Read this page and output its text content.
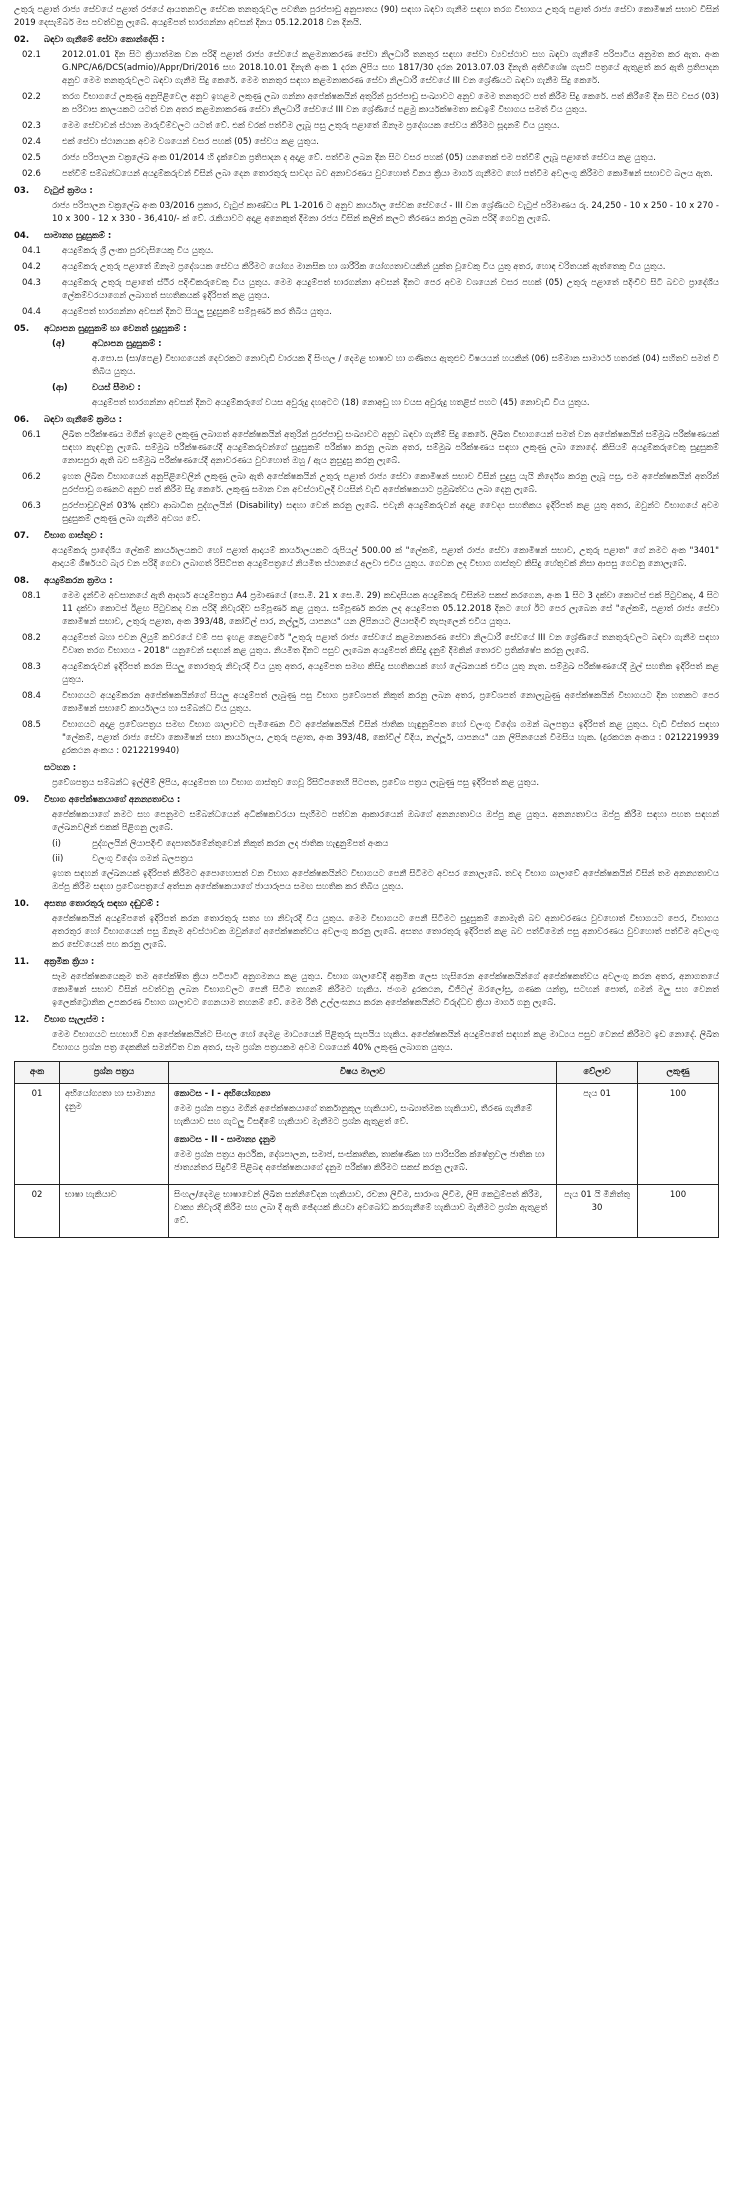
උතුරු පළාත් රාජ්‍ය සේවයේ පළාත් රජයේ ආයතනවල සේවක තනතුරුවල පවතින පුරප්පාඩු අනුපාතය (90) සඳහා බඳවා ගැනීම සඳහා තරග විභාගය උතුරු පළාත් රාජ්‍ය සේවා කොමිෂන් සභාව විසින් 2019 දෙසැම්බර් මස පවත්වනු ලැබේ. අයදුම්පත් භාරගන්නා අවසන් දිනය 05.12.2018 වන දිනයි.
02.	බඳවා ගැනීමේ සේවා කොන්දේසි :
02.1	2012.01.01 දින සිට ක්‍රියාත්මක වන පරිදි පළාත් රාජ්‍ය සේවයේ කළමනාකරණ සේවා නිලධාරී තනතුර සඳහා සේවා ව්‍යවස්ථාව සහ බඳවා ගැනීමේ පරිපාටිය අනුමත කර ඇත. අංක G.NPC/A6/DCS(admio)/Appr/Dri/2016 සහ 2018.10.01 දිනැති අංක 1 දරන ලිපිය සහ 1817/30 දරන 2013.07.03 දිනැති අතිවිශේෂ ගැසට් පත්‍රයේ ඇතුළත් කර ඇති ප්‍රතිපාදන අනුව මෙම තනතුරුවලට බඳවා ගැනීම සිදු කෙරේ. මෙම තනතුර සඳහා කළමනාකරණ සේවා නිලධාරී සේවයේ III වන ශ්‍රේණියට බඳවා ගැනීම සිදු කෙරේ.
02.2	තරග විභාගයේ ලකුණු අනුපිළිවෙල අනුව ඉහළම ලකුණු ලබා ගන්නා අපේක්ෂකයින් අතුරින් පුරප්පාඩු සංඛ්‍යාවට අනුව මෙම තනතුරට පත් කිරීම සිදු කෙරේ. පත් කිරීමේ දින සිට වසර (03) ක පරිවාස කාලයකට යටත් වන අතර කළමනාකරණ සේවා නිලධාරී සේවයේ III වන ශ්‍රේණියේ පළමු කාර්යක්ෂමතා කඩඉම් විභාගය සමත් විය යුතුය.
02.3	මෙම සේවාවන් ස්ථාන මාරුවීම්වලට යටත් වේ. එක් වරක් පත්වීම ලැබූ පසු උතුරු පළාතේ ඕනෑම ප්‍රදේශයක සේවය කිරීමට සූදානම් විය යුතුය.
02.4	එක් සේවා ස්ථානයක අවම වශයෙන් වසර පහක් (05) සේවය කළ යුතුය.
02.5	රාජ්‍ය පරිපාලන චක්‍රලේඛ අංක 01/2014 හි දැක්වෙන ප්‍රතිපාදන ද අදාළ වේ. පත්වීම ලබන දින සිට වසර පහක් (05) යනතෙක් එම පත්වීම් ලැබූ පළාතේ සේවය කළ යුතුය.
02.6	පත්වීම් සම්බන්ධයෙන් අයදුම්කරුවන් විසින් ලබා දෙන තොරතුරු සාවද්‍ය බව අනාවරණය වුවහොත් විනය ක්‍රියා මාර්ග ගැනීමට හෝ පත්වීම අවලංගු කිරීමට කොමිෂන් සභාවට බලය ඇත.
03.	වැටුප් ක්‍රමය :
රාජ්‍ය පරිපාලන චක්‍රලේඛ අංක 03/2016 ප්‍රකාර, වැටුප් කාණ්ඩය PL 1-2016 ට අනුව කාර්යාල සේවක සේවයේ - III වන ශ්‍රේණියට වැටුප් පරිමාණය රු. 24,250 - 10 x 250 - 10 x 270 - 10 x 300 - 12 x 330 - 36,410/- ක් වේ. රැකියාවට අදාළ අනෙකුත් දීමනා රජය විසින් කලින් කලට තීරණය කරනු ලබන පරිදි ගෙවනු ලැබේ.
04.	සාමාන්‍ය සුදුසුකම් :
04.1	අයදුම්කරු ශ්‍රී ලංකා පුරවැසියෙකු විය යුතුය.
04.2	අයදුම්කරු උතුරු පළාතේ ඕනෑම ප්‍රදේශයක සේවය කිරීමට යෝග්‍ය මානසික හා ශාරීරික යෝග්‍යතාවයකින් යුක්ත වූවෙකු විය යුතු අතර, හොඳ චරිතයක් ඇත්තෙකු විය යුතුය.
04.3	අයදුම්කරු උතුරු පළාතේ ස්ථිර පදිංචිකරුවෙකු විය යුතුය. මෙම අයදුම්පත් භාරගන්නා අවසන් දිනට පෙර අවම වශයෙන් වසර පහක් (05) උතුරු පළාතේ පදිංචිව සිටි බවට ප්‍රාදේශීය ලේකම්වරයාගෙන් ලබාගත් සහතිකයක් ඉදිරිපත් කළ යුතුය.
04.4	අයදුම්පත් භාරගන්නා අවසන් දිනට සියලු සුදුසුකම් සම්පූර්ණ කර තිබිය යුතුය.
05.	අධ්‍යාපන සුදුසුකම් හා වෙනත් සුදුසුකම් :
(අ)	අධ්‍යාපන සුදුසුකම් :
අ.පො.ස (සා/පෙළ) විභාගයෙන් දෙවරකට නොවැඩි වාරයක දී සිංහල / දෙමළ භාෂාව හා ගණිතය ඇතුළුව විෂයයන් හයකින් (06) සම්මාන සාමාර්ථ හතරක් (04) සහිතව සමත් වී තිබිය යුතුය.
(ආ)	වයස් සීමාව :
අයදුම්පත් භාරගන්නා අවසන් දිනට අයදුම්කරුගේ වයස අවුරුදු දහඅටට (18) නොඅඩු හා වයස අවුරුදු හතළිස් පහට (45) නොවැඩි විය යුතුය.
06.	බඳවා ගැනීමේ ක්‍රමය :
06.1	ලිඛිත පරීක්ෂණය මගින් ඉහළම ලකුණු ලබාගත් අපේක්ෂකයින් අතුරින් පුරප්පාඩු සංඛ්‍යාවට අනුව බඳවා ගැනීම් සිදු කෙරේ. ලිඛිත විභාගයෙන් සමත් වන අපේක්ෂකයින් සම්මුඛ පරීක්ෂණයක් සඳහා කැඳවනු ලැබේ. සම්මුඛ පරීක්ෂණයේදී අයදුම්කරුවන්ගේ සුදුසුකම් පරීක්ෂා කරනු ලබන අතර, සම්මුඛ පරීක්ෂණය සඳහා ලකුණු ලබා නොදේ. කිසියම් අයදුම්කරුවෙකු සුදුසුකම් නොසපුරා ඇති බව සම්මුඛ පරීක්ෂණයේදී අනාවරණය වුවහොත් ඔහු / ඇය නුසුදුසු කරනු ලැබේ.
06.2	ඉහත ලිඛිත විභාගයෙන් අනුපිළිවෙලින් ලකුණු ලබා ඇති අපේක්ෂකයින් උතුරු පළාත් රාජ්‍ය සේවා කොමිෂන් සභාව විසින් සුදුසු යැයි නිර්දේශ කරනු ලැබූ පසු, එම අපේක්ෂකයින් අතරින් පුරප්පාඩු ගණනට අනුව පත් කිරීම සිදු කෙරේ. ලකුණු සමාන වන අවස්ථාවලදී වයසින් වැඩි අපේක්ෂකයාට ප්‍රමුඛත්වය ලබා දෙනු ලැබේ.
06.3	පුරප්පාඩුවලින් 03% දක්වා ආබාධිත පුද්ගලයින් (Disability) සඳහා වෙන් කරනු ලැබේ. එවැනි අයදුම්කරුවන් අදාළ වෛද්‍ය සහතිකය ඉදිරිපත් කළ යුතු අතර, ඔවුන්ට විභාගයේ අවම සුදුසුකම් ලකුණු ලබා ගැනීම අවශ්‍ය වේ.
07.	විභාග ගාස්තුව :
අයදුම්කරු ප්‍රාදේශීය ලේකම් කාර්යාලයකට හෝ පළාත් ආදායම් කාර්යාලයකට රුපියල් 500.00 ක් "ලේකම්, පළාත් රාජ්‍ය සේවා කොමිෂන් සභාව, උතුරු පළාත" ගේ නමට අංක "3401" ආදායම් ශීර්ෂයට බැර වන පරිදි ගෙවා ලබාගත් රිසිට්පත අයදුම්පත්‍රයේ නියමිත ස්ථානයේ අලවා එවිය යුතුය. ගෙවන ලද විභාග ගාස්තුව කිසිදු හේතුවක් නිසා ආපසු ගෙවනු නොලැබේ.
08.	අයදුම්කරන ක්‍රමය :
08.1	මෙම දැන්වීම අවසානයේ ඇති ආදර්ශ අයදුම්පත්‍රය A4 ප්‍රමාණයේ (සෙ.මී. 21 x සෙ.මී. 29) කඩදාසියක අයදුම්කරු විසින්ම සකස් කරගෙන, අංක 1 සිට 3 දක්වා කොටස් එක් පිටුවකද, 4 සිට 11 දක්වා කොටස් ඊළඟ පිටුවකද වන පරිදි නිවැරදිව සම්පූර්ණ කළ යුතුය. සම්පූර්ණ කරන ලද අයදුම්පත 05.12.2018 දිනට හෝ ඊට පෙර ලැබෙන සේ "ලේකම්, පළාත් රාජ්‍ය සේවා කොමිෂන් සභාව, උතුරු පළාත, අංක 393/48, කෝවිල් පාර, නල්ලූර්, යාපනය" යන ලිපිනයට ලියාපදිංචි තැපෑලෙන් එවිය යුතුය.
08.2	අයදුම්පත් බහා එවන ලියුම් කවරයේ වම් පස ඉහළ කෙළවරේ "උතුරු පළාත් රාජ්‍ය සේවයේ කළමනාකරණ සේවා නිලධාරී සේවයේ III වන ශ්‍රේණියේ තනතුරුවලට බඳවා ගැනීම සඳහා විවෘත තරග විභාගය - 2018" යනුවෙන් සඳහන් කළ යුතුය. නියමිත දිනට පසුව ලැබෙන අයදුම්පත් කිසිදු දැනුම් දීමකින් තොරව ප්‍රතික්ෂේප කරනු ලැබේ.
08.3	අයදුම්කරුවන් ඉදිරිපත් කරන සියලු තොරතුරු නිවැරදි විය යුතු අතර, අයදුම්පත සමඟ කිසිදු සහතිකයක් හෝ ලේඛනයක් එවිය යුතු නැත. සම්මුඛ පරීක්ෂණයේදී මුල් සහතික ඉදිරිපත් කළ යුතුය.
08.4	විභාගයට අයදුම්කරන අපේක්ෂකයින්ගේ සියලු අයදුම්පත් ලැබුණු පසු විභාග ප්‍රවේශපත් නිකුත් කරනු ලබන අතර, ප්‍රවේශපත් නොලැබුණු අපේක්ෂකයින් විභාගයට දින හතකට පෙර කොමිෂන් සභාවේ කාර්යාලය හා සම්බන්ධ විය යුතුය.
08.5	විභාගයට අදාළ ප්‍රවේශපත්‍රය සමඟ විභාග ශාලාවට පැමිණෙන විට අපේක්ෂකයින් විසින් ජාතික හැඳුනුම්පත හෝ වලංගු විදේශ ගමන් බලපත්‍රය ඉදිරිපත් කළ යුතුය. වැඩි විස්තර සඳහා "ලේකම්, පළාත් රාජ්‍ය සේවා කොමිෂන් සභා කාර්යාලය, උතුරු පළාත, අංක 393/48, කෝවිල් වීදිය, නල්ලූර්, යාපනය" යන ලිපිනයෙන් විමසිය හැක. (දුරකථන අංකය : 0212219939 දුරකථන අංකය : 0212219940)
සටහන :
ප්‍රවේශපත්‍රය සම්බන්ධ ඉල්ලීම් ලිපිය, අයදුම්පත හා විභාග ගාස්තුව ගෙවූ රිසිට්පතෙහි පිටපත, ප්‍රවේශ පත්‍රය ලැබුණු පසු ඉදිරිපත් කළ යුතුය.
09.	විභාග අපේක්ෂකයාගේ අනන්‍යතාවය :
අපේක්ෂකයාගේ නමට සහ පෙනුමට සම්බන්ධයෙන් අධීක්ෂකවරයා සෑහීමට පත්වන ආකාරයෙන් ඔබගේ අනන්‍යතාවය ඔප්පු කළ යුතුය. අනන්‍යතාවය ඔප්පු කිරීම සඳහා පහත සඳහන් ලේඛනවලින් එකක් පිළිගනු ලැබේ.
(i)	පුද්ගලයින් ලියාපදිංචි දෙපාර්තමේන්තුවෙන් නිකුත් කරන ලද ජාතික හැඳුනුම්පත් අංකය
(ii)	වලංගු විදේශ ගමන් බලපත්‍රය
ඉහත සඳහන් ලේඛනයක් ඉදිරිපත් කිරීමට අපොහොසත් වන විභාග අපේක්ෂකයින්ට විභාගයට පෙනී සිටීමට අවසර නොලැබේ. තවද විභාග ශාලාවේ අපේක්ෂකයින් විසින් තම අනන්‍යතාවය ඔප්පු කිරීම සඳහා ප්‍රවේශපත්‍රයේ අත්සන අපේක්ෂකයාගේ ජායාරූපය සමඟ සහතික කර තිබිය යුතුය.
10.	අසත්‍ය තොරතුරු සඳහා දඬුවම් :
අපේක්ෂකයින් අයදුම්පතේ ඉදිරිපත් කරන තොරතුරු සත්‍ය හා නිවැරදි විය යුතුය. මෙම විභාගයට පෙනී සිටීමට සුදුසුකම් නොමැති බව අනාවරණය වුවහොත් විභාගයට පෙර, විභාගය අතරතුර හෝ විභාගයෙන් පසු ඕනෑම අවස්ථාවක ඔවුන්ගේ අපේක්ෂකත්වය අවලංගු කරනු ලැබේ. අසත්‍ය තොරතුරු ඉදිරිපත් කළ බව පත්වීමෙන් පසු අනාවරණය වුවහොත් පත්වීම අවලංගු කර සේවයෙන් පහ කරනු ලැබේ.
11.	අක්‍රමික ක්‍රියා :
සෑම අපේක්ෂකයෙකුම තම අපේක්ෂිත ක්‍රියා පටිපාටි අනුගමනය කළ යුතුය. විභාග ශාලාවේදී අක්‍රමික ලෙස හැසිරෙන අපේක්ෂකයින්ගේ අපේක්ෂකත්වය අවලංගු කරන අතර, අනාගතයේ කොමිෂන් සභාව විසින් පවත්වනු ලබන විභාගවලට පෙනී සිටීම තහනම් කිරීමට හැකිය. ජංගම දුරකථන, ඩිජිටල් ඔරලෝසු, ගණක යන්ත්‍ර, සටහන් පොත්, ගමන් මලු සහ වෙනත් ඉලෙක්ට්‍රොනික උපකරණ විභාග ශාලාවට ගෙනයාම තහනම් වේ. මෙම රීති උල්ලංඝනය කරන අපේක්ෂකයින්ට විරුද්ධව ක්‍රියා මාර්ග ගනු ලැබේ.
12.	විභාග සැලැස්ම :
මෙම විභාගයට සහභාගි වන අපේක්ෂකයින්ට සිංහල හෝ දෙමළ මාධ්‍යයෙන් පිළිතුරු සැපයිය හැකිය. අපේක්ෂකයින් අයදුම්පතේ සඳහන් කළ මාධ්‍යය පසුව වෙනස් කිරීමට ඉඩ නොදේ. ලිඛිත විභාගය ප්‍රශ්න පත්‍ර දෙකකින් සමන්විත වන අතර, සෑම ප්‍රශ්න පත්‍රයකම අවම වශයෙන් 40% ලකුණු ලබාගත යුතුය.
අංක	ප්‍රශ්න පත්‍රය	විෂය මාලාව	වේලාව	ලකුණු
01	අභියෝග්‍යතා හා සාමාන්‍ය දැනුම	කොටස - I - අභියෝග්‍යතා
මෙම ප්‍රශ්න පත්‍රය මගින් අපේක්ෂකයාගේ තර්කානුකූල හැකියාව, සංඛ්‍යාත්මක හැකියාව, තීරණ ගැනීමේ හැකියාව සහ ගැටලු විසඳීමේ හැකියාව මැනීමට ප්‍රශ්න ඇතුළත් වේ.
කොටස - II - සාමාන්‍ය දැනුම
මෙම ප්‍රශ්න පත්‍රය ආර්ථික, දේශපාලන, සමාජ, සංස්කෘතික, තාක්ෂණික හා පාරිසරික ක්ෂේත්‍රවල ජාතික හා ජාත්‍යන්තර සිදුවීම් පිළිබඳ අපේක්ෂකයාගේ දැනුම පරීක්ෂා කිරීමට සකස් කරනු ලැබේ.	පැය 01	100
02	භාෂා හැකියාව	සිංහල/දෙමළ භාෂාවෙන් ලිඛිත සන්නිවේදන හැකියාව, රචනා ලිවීම, සාරාංශ ලිවීම, ලිපි කෙටුම්පත් කිරීම, වාක්‍ය නිවැරදි කිරීම සහ ලබා දී ඇති ඡේදයක් කියවා අවබෝධ කරගැනීමේ හැකියාව මැනීමට ප්‍රශ්න ඇතුළත් වේ.	පැය 01 යි මිනිත්තු 30	100
